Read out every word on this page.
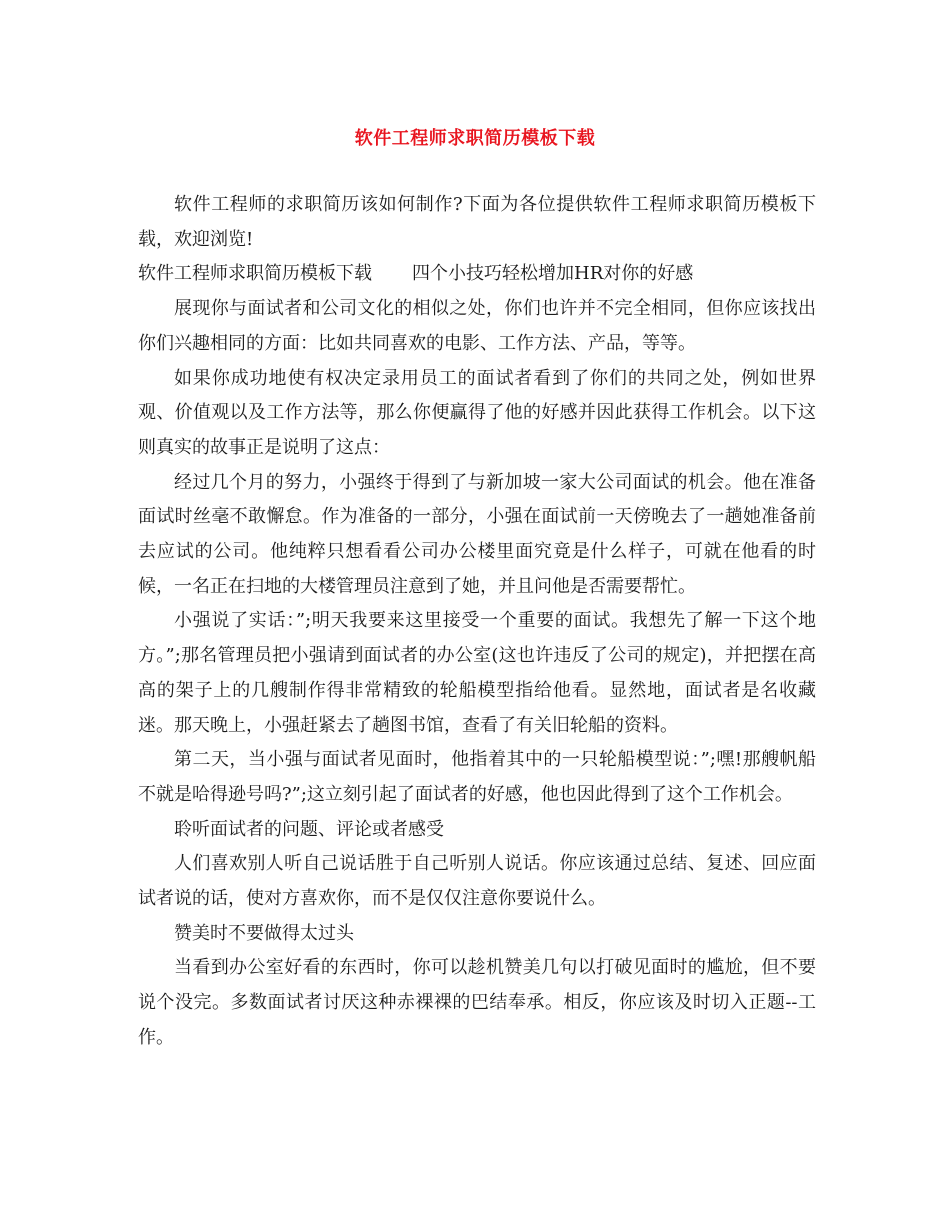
软件工程师求职简历模板下载

软件工程师的求职简历该如何制作?下面为各位提供软件工程师求职简历模板下载，欢迎浏览!

软件工程师求职简历模板下载 四个小技巧轻松增加HR对你的好感

展现你与面试者和公司文化的相似之处，你们也许并不完全相同，但你应该找出你们兴趣相同的方面：比如共同喜欢的电影、工作方法、产品，等等。

如果你成功地使有权决定录用员工的面试者看到了你们的共同之处，例如世界观、价值观以及工作方法等，那么你便赢得了他的好感并因此获得工作机会。以下这则真实的故事正是说明了这点：

经过几个月的努力，小强终于得到了与新加坡一家大公司面试的机会。他在准备面试时丝毫不敢懈怠。作为准备的一部分，小强在面试前一天傍晚去了一趟她准备前去应试的公司。他纯粹只想看看公司办公楼里面究竟是什么样子，可就在他看的时候，一名正在扫地的大楼管理员注意到了她，并且问他是否需要帮忙。

小强说了实话：”;明天我要来这里接受一个重要的面试。我想先了解一下这个地方。”;那名管理员把小强请到面试者的办公室(这也许违反了公司的规定)，并把摆在高高的架子上的几艘制作得非常精致的轮船模型指给他看。显然地，面试者是名收藏迷。那天晚上，小强赶紧去了趟图书馆，查看了有关旧轮船的资料。

第二天，当小强与面试者见面时，他指着其中的一只轮船模型说：”;嘿!那艘帆船不就是哈得逊号吗?”;这立刻引起了面试者的好感，他也因此得到了这个工作机会。

聆听面试者的问题、评论或者感受

人们喜欢别人听自己说话胜于自己听别人说话。你应该通过总结、复述、回应面试者说的话，使对方喜欢你，而不是仅仅注意你要说什么。

赞美时不要做得太过头

当看到办公室好看的东西时，你可以趁机赞美几句以打破见面时的尴尬，但不要说个没完。多数面试者讨厌这种赤裸裸的巴结奉承。相反，你应该及时切入正题--工作。
